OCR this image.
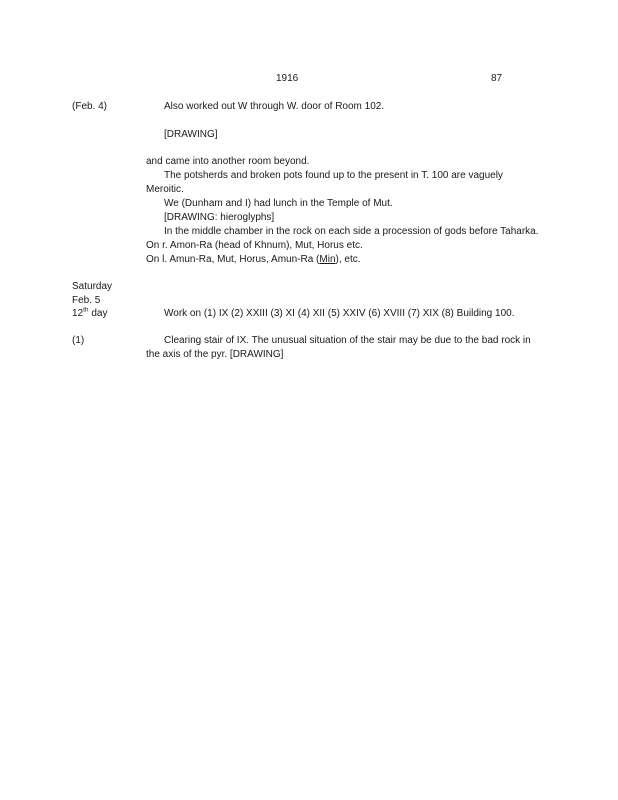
1916	87
(Feb. 4)	Also worked out W through W. door of Room 102.
[DRAWING]
and came into another room beyond.
The potsherds and broken pots found up to the present in T. 100 are vaguely
Meroitic.
We (Dunham and I) had lunch in the Temple of Mut.
[DRAWING: hieroglyphs]
In the middle chamber in the rock on each side a procession of gods before Taharka.
On r. Amon-Ra (head of Khnum), Mut, Horus etc.
On l. Amun-Ra, Mut, Horus, Amun-Ra (Min), etc.
Saturday
Feb. 5
12th day	Work on (1) IX (2) XXIII (3) XI (4) XII (5) XXIV (6) XVIII (7) XIX (8) Building 100.
(1)	Clearing stair of IX. The unusual situation of the stair may be due to the bad rock in
the axis of the pyr. [DRAWING]
